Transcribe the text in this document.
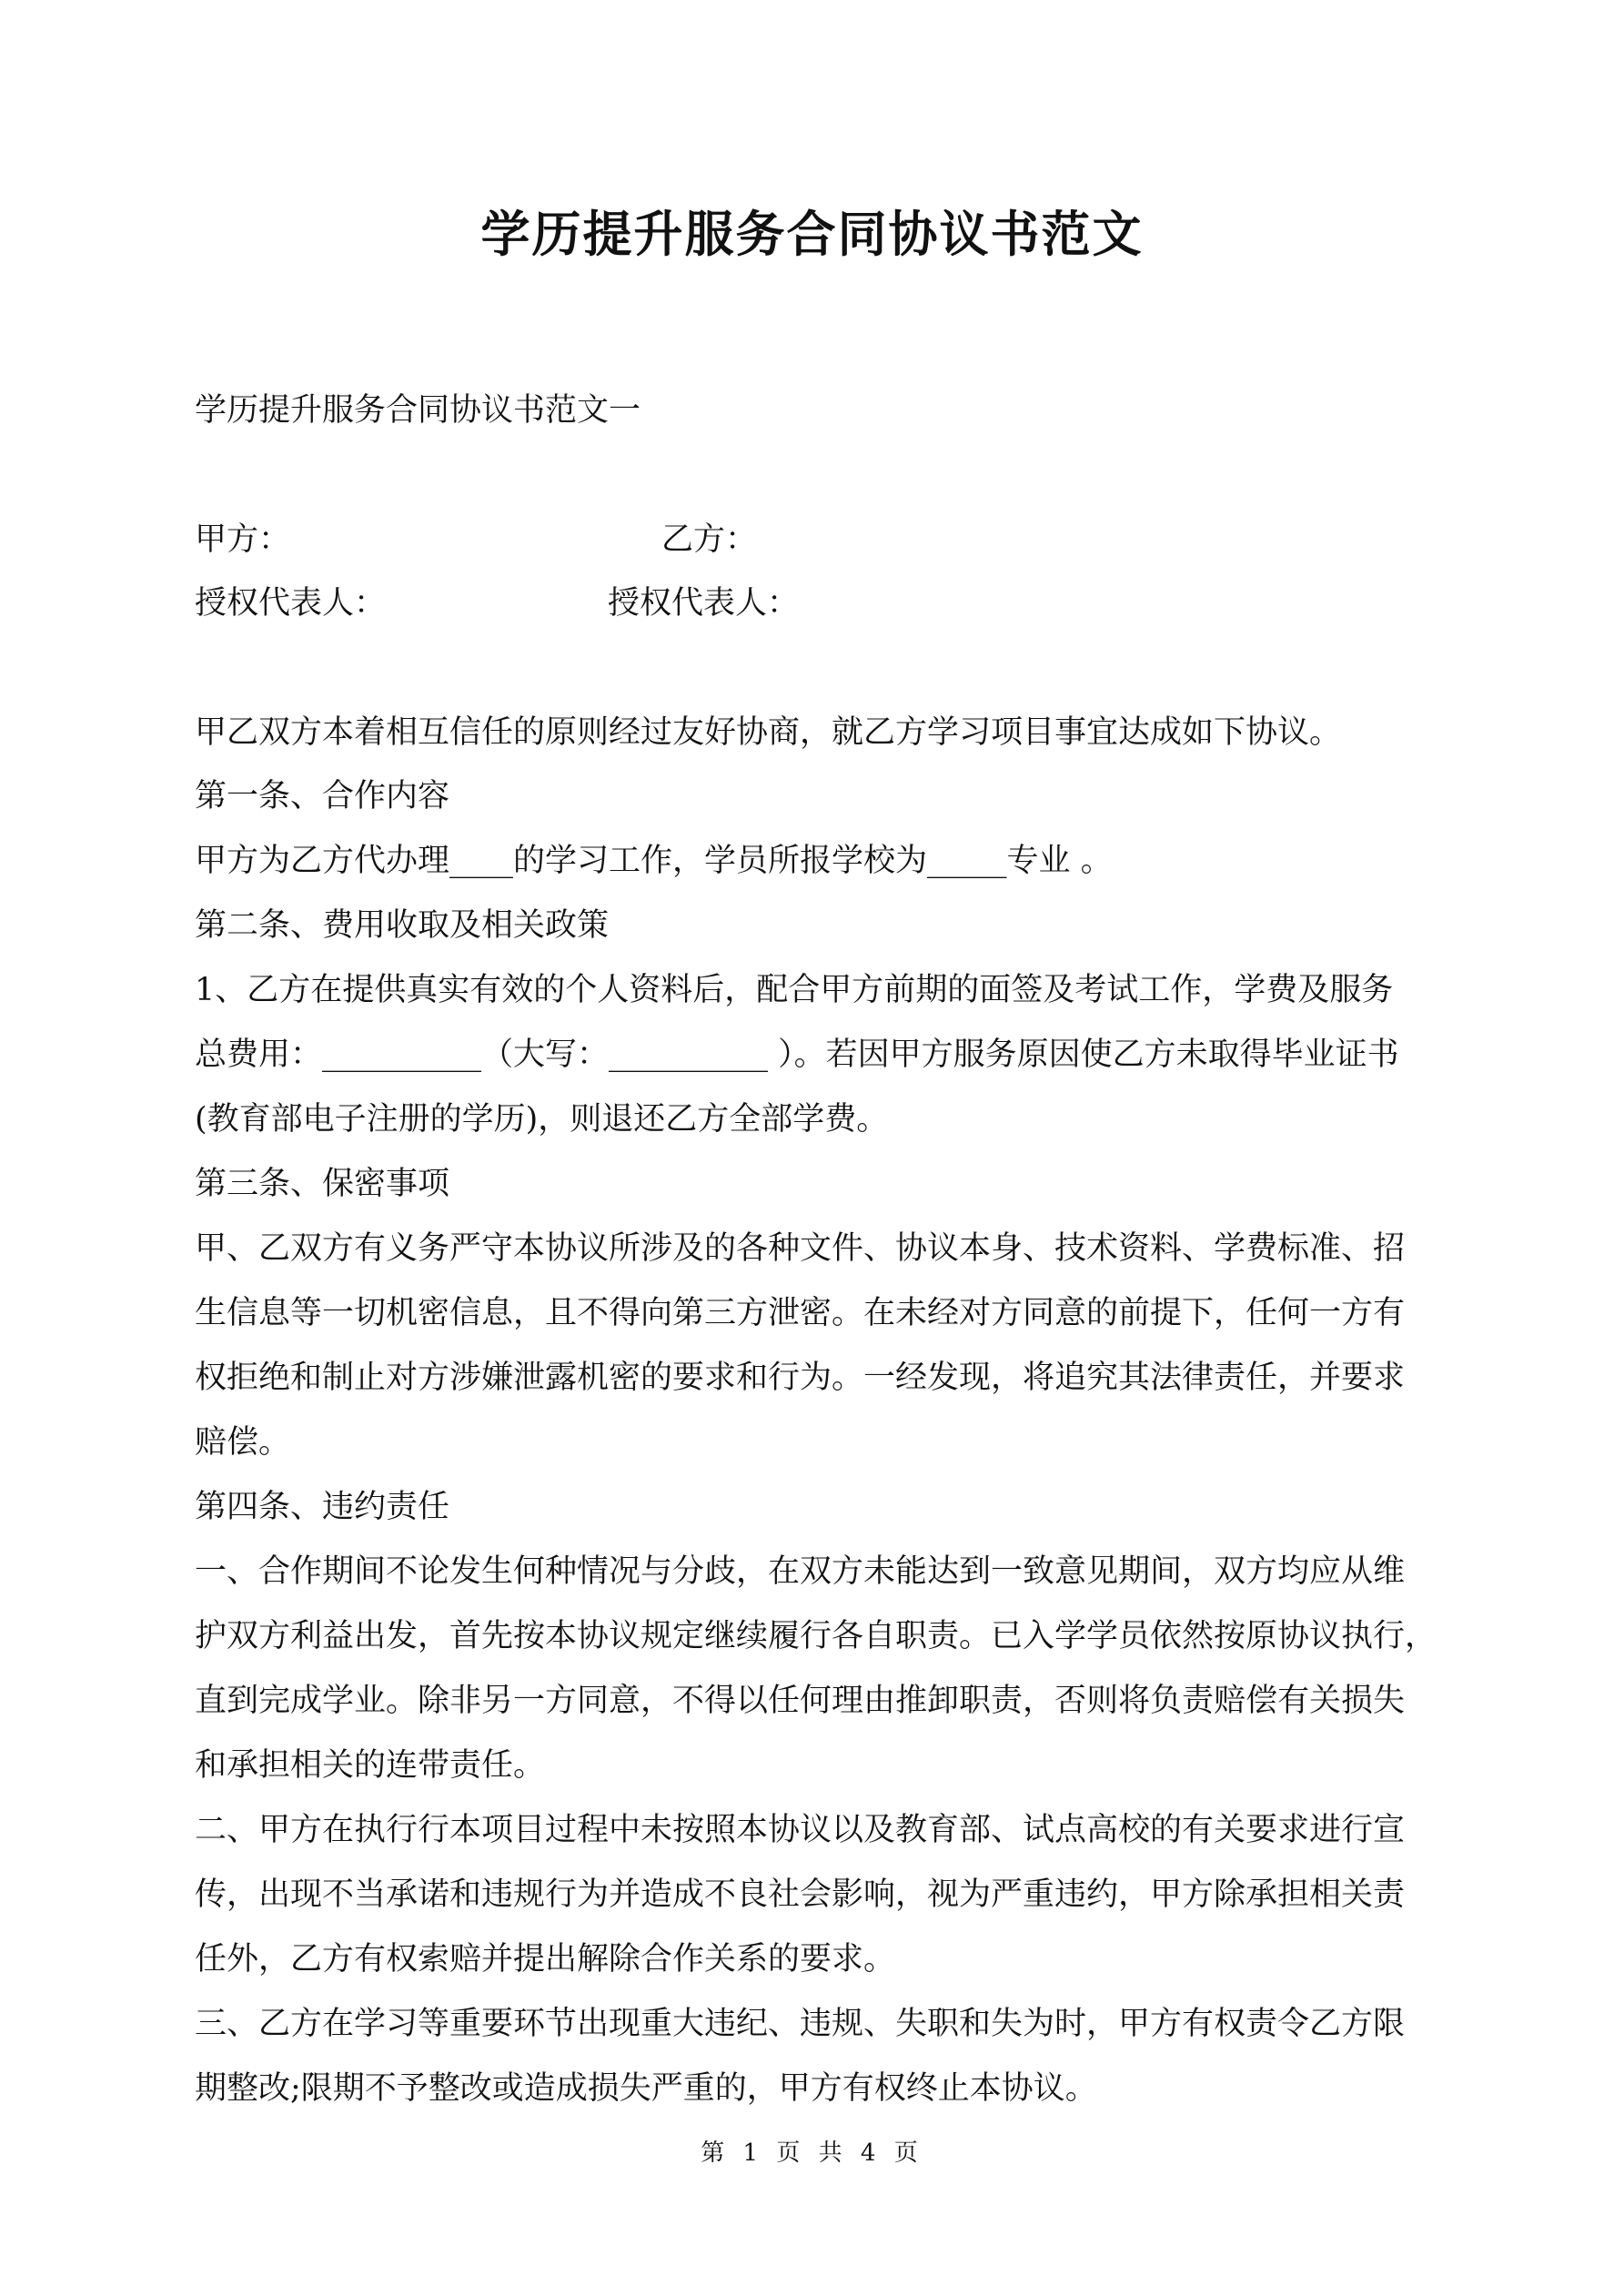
学历提升服务合同协议书范文
学历提升服务合同协议书范文一
甲方：	乙方：
授权代表人：	授权代表人：
甲乙双方本着相互信任的原则经过友好协商，就乙方学习项目事宜达成如下协议。
第一条、合作内容
甲方为乙方代办理____的学习工作，学员所报学校为_____专业 。
第二条、费用收取及相关政策
1、乙方在提供真实有效的个人资料后，配合甲方前期的面签及考试工作，学费及服务
总费用：__________（大写：__________ ）。若因甲方服务原因使乙方未取得毕业证书
(教育部电子注册的学历)，则退还乙方全部学费。
第三条、保密事项
甲、乙双方有义务严守本协议所涉及的各种文件、协议本身、技术资料、学费标准、招
生信息等一切机密信息，且不得向第三方泄密。在未经对方同意的前提下，任何一方有
权拒绝和制止对方涉嫌泄露机密的要求和行为。一经发现，将追究其法律责任，并要求
赔偿。
第四条、违约责任
一、合作期间不论发生何种情况与分歧，在双方未能达到一致意见期间，双方均应从维
护双方利益出发，首先按本协议规定继续履行各自职责。已入学学员依然按原协议执行，
直到完成学业。除非另一方同意，不得以任何理由推卸职责，否则将负责赔偿有关损失
和承担相关的连带责任。
二、甲方在执行行本项目过程中未按照本协议以及教育部、试点高校的有关要求进行宣
传，出现不当承诺和违规行为并造成不良社会影响，视为严重违约，甲方除承担相关责
任外，乙方有权索赔并提出解除合作关系的要求。
三、乙方在学习等重要环节出现重大违纪、违规、失职和失为时，甲方有权责令乙方限
期整改;限期不予整改或造成损失严重的，甲方有权终止本协议。
第 1 页 共 4 页
